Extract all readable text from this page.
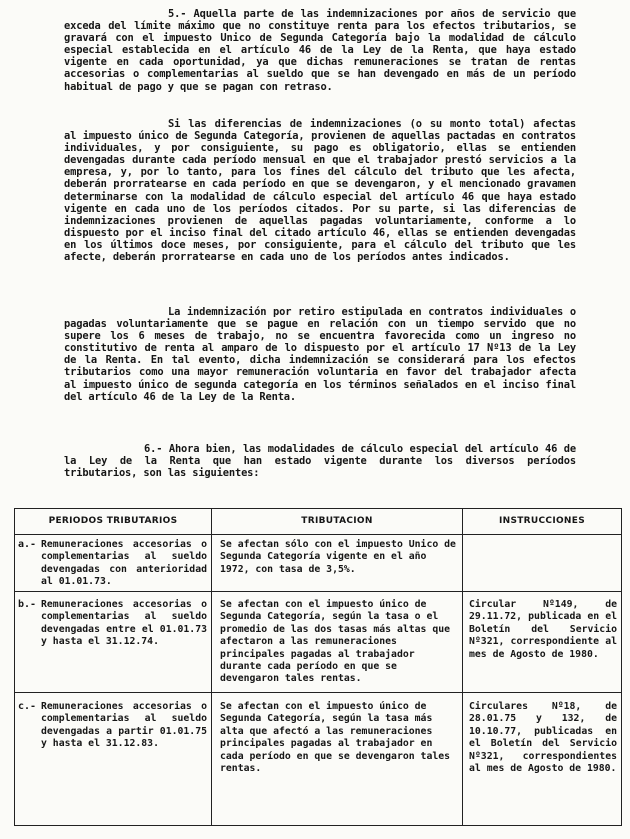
5.- Aquella parte de las indemnizaciones por años de servicio que exceda del límite máximo que no constituye renta para los efectos tributarios, se gravará con el impuesto Unico de Segunda Categoría bajo la modalidad de cálculo especial establecida en el artículo 46 de la Ley de la Renta, que haya estado vigente en cada oportunidad, ya que dichas remuneraciones se tratan de rentas accesorias o complementarias al sueldo que se han devengado en más de un período habitual de pago y que se pagan con retraso.
Si las diferencias de indemnizaciones (o su monto total) afectas al impuesto único de Segunda Categoría, provienen de aquellas pactadas en contratos individuales, y por consiguiente, su pago es obligatorio, ellas se entienden devengadas durante cada período mensual en que el trabajador prestó servicios a la empresa, y, por lo tanto, para los fines del cálculo del tributo que les afecta, deberán prorratearse en cada período en que se devengaron, y el mencionado gravamen determinarse con la modalidad de cálculo especial del artículo 46 que haya estado vigente en cada uno de los períodos citados. Por su parte, si las diferencias de indemnizaciones provienen de aquellas pagadas voluntariamente, conforme a lo dispuesto por el inciso final del citado artículo 46, ellas se entienden devengadas en los últimos doce meses, por consiguiente, para el cálculo del tributo que les afecte, deberán prorratearse en cada uno de los períodos antes indicados.
La indemnización por retiro estipulada en contratos individuales o pagadas voluntariamente que se pague en relación con un tiempo servido que no supere los 6 meses de trabajo, no se encuentra favorecida como un ingreso no constitutivo de renta al amparo de lo dispuesto por el artículo 17 Nº13 de la Ley de la Renta. En tal evento, dicha indemnización se considerará para los efectos tributarios como una mayor remuneración voluntaria en favor del trabajador afecta al impuesto único de segunda categoría en los términos señalados en el inciso final del artículo 46 de la Ley de la Renta.
6.- Ahora bien, las modalidades de cálculo especial del artículo 46 de la Ley de la Renta que han estado vigente durante los diversos períodos tributarios, son las siguientes:
PERIODOS TRIBUTARIOS	TRIBUTACION	INSTRUCCIONES
a.- Remuneraciones accesorias o complementarias al sueldo devengadas con anterioridad al 01.01.73.
Se afectan sólo con el impuesto Unico de Segunda Categoría vigente en el año 1972, con tasa de 3,5%.
b.- Remuneraciones accesorias o complementarias al sueldo devengadas entre el 01.01.73 y hasta el 31.12.74.
Se afectan con el impuesto único de Segunda Categoría, según la tasa o el promedio de las dos tasas más altas que afectaron a las remuneraciones principales pagadas al trabajador durante cada período en que se devengaron tales rentas.
Circular Nº149, de 29.11.72, publicada en el Boletín del Servicio Nº321, correspondiente al mes de Agosto de 1980.
c.- Remuneraciones accesorias o complementarias al sueldo devengadas a partir 01.01.75 y hasta el 31.12.83.
Se afectan con el impuesto único de Segunda Categoría, según la tasa más alta que afectó a las remuneraciones principales pagadas al trabajador en cada período en que se devengaron tales rentas.
Circulares Nº18, de 28.01.75 y 132, de 10.10.77, publicadas en el Boletín del Servicio Nº321, correspondientes al mes de Agosto de 1980.
